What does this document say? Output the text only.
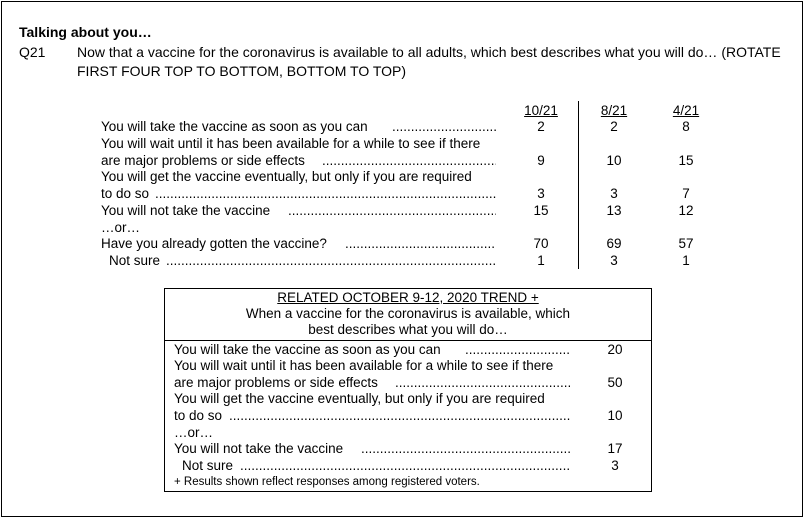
Talking about you…
Q21 Now that a vaccine for the coronavirus is available to all adults, which best describes what you will do… (ROTATE
FIRST FOUR TOP TO BOTTOM, BOTTOM TO TOP)
10/21	8/21	4/21
You will take the vaccine as soon as you can .....	2	2	8
You will wait until it has been available for a while to see if there
are major problems or side effects .....	9	10	15
You will get the vaccine eventually, but only if you are required
to do so .....	3	3	7
You will not take the vaccine .....	15	13	12
…or…
Have you already gotten the vaccine? .....	70	69	57
Not sure .....	1	3	1
RELATED OCTOBER 9-12, 2020 TREND +
When a vaccine for the coronavirus is available, which
best describes what you will do…
You will take the vaccine as soon as you can .....	20
You will wait until it has been available for a while to see if there
are major problems or side effects .....	50
You will get the vaccine eventually, but only if you are required
to do so .....	10
…or…
You will not take the vaccine .....	17
Not sure .....	3
+ Results shown reflect responses among registered voters.
